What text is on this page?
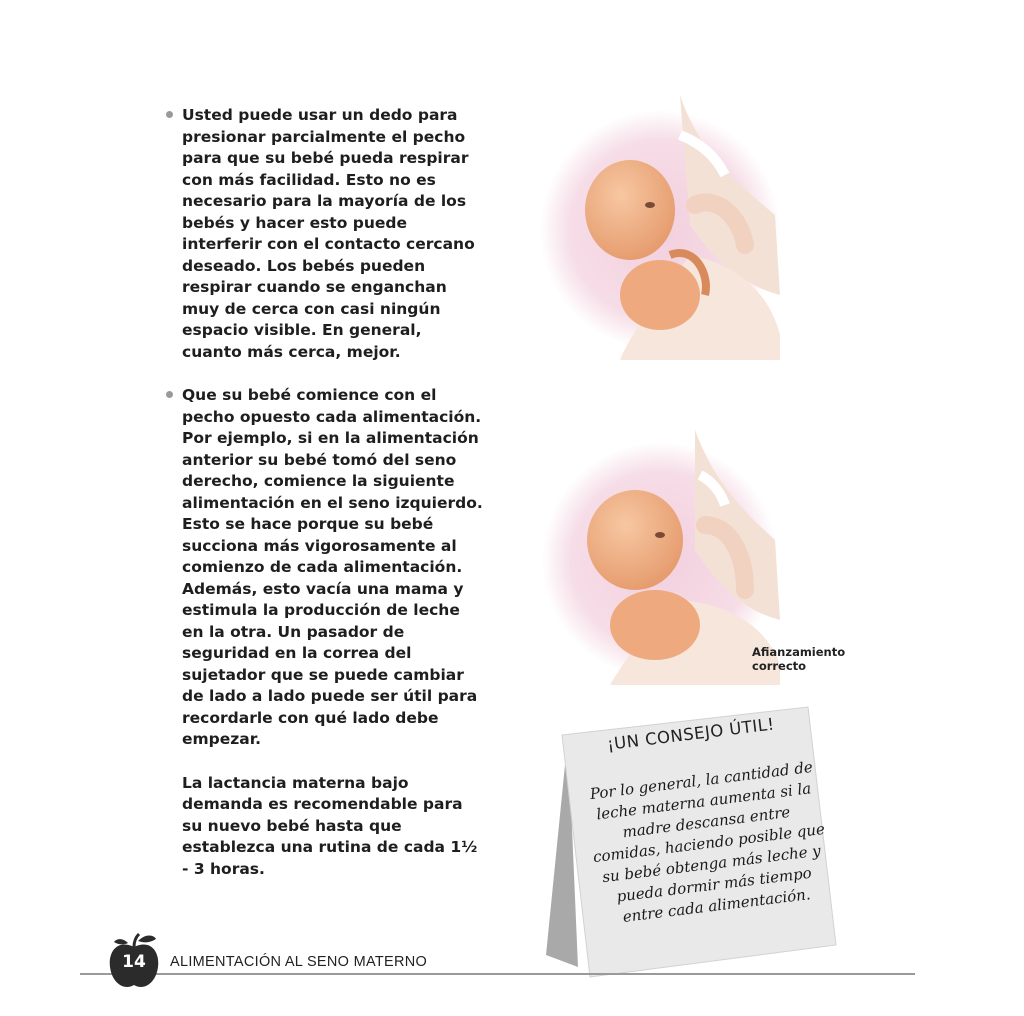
Usted puede usar un dedo para presionar parcialmente el pecho para que su bebé pueda respirar con más facilidad. Esto no es necesario para la mayoría de los bebés y hacer esto puede interferir con el contacto cercano deseado. Los bebés pueden respirar cuando se enganchan muy de cerca con casi ningún espacio visible. En general, cuanto más cerca, mejor.
Que su bebé comience con el pecho opuesto cada alimentación. Por ejemplo, si en la alimentación anterior su bebé tomó del seno derecho, comience la siguiente alimentación en el seno izquierdo. Esto se hace porque su bebé succiona más vigorosamente al comienzo de cada alimentación. Además, esto vacía una mama y estimula la producción de leche en la otra. Un pasador de seguridad en la correa del sujetador que se puede cambiar de lado a lado puede ser útil para recordarle con qué lado debe empezar.
La lactancia materna bajo demanda es recomendable para su nuevo bebé hasta que establezca una rutina de cada 1½ - 3 horas.
Afianzamiento
correcto
¡UN CONSEJO ÚTIL!
Por lo general, la cantidad de leche materna aumenta si la madre descansa entre comidas, haciendo posible que su bebé obtenga más leche y pueda dormir más tiempo entre cada alimentación.
14	ALIMENTACIÓN AL SENO MATERNO
